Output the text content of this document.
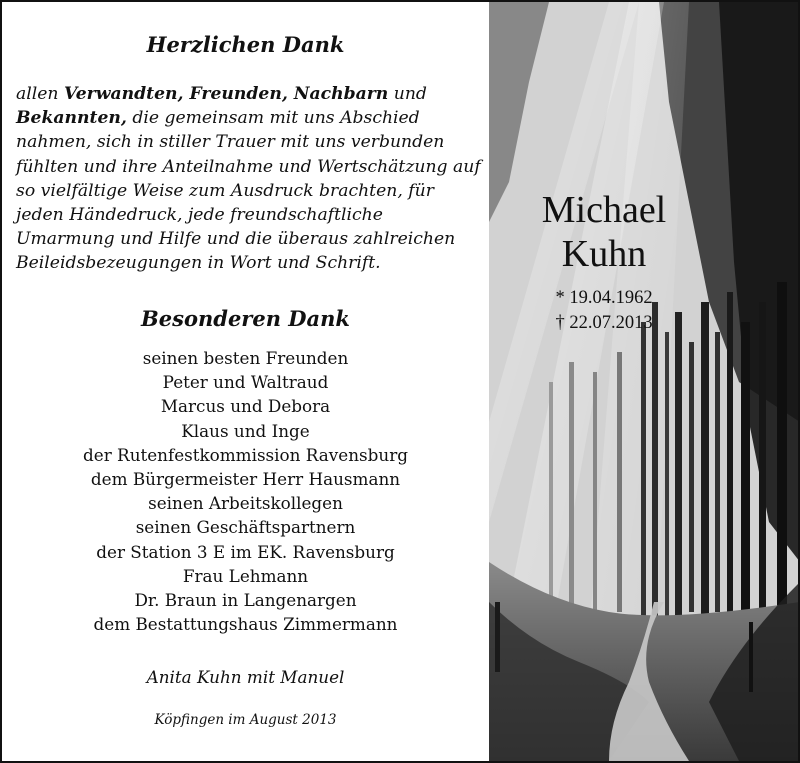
Herzlichen Dank

allen Verwandten, Freunden, Nachbarn und
Bekannten, die gemeinsam mit uns Abschied nahmen, sich in stiller Trauer mit uns verbunden fühlten und ihre Anteilnahme und Wertschätzung auf so vielfältige Weise zum Ausdruck brachten, für jeden Händedruck, jede freundschaftliche Umarmung und Hilfe und die überaus zahlreichen Beileidsbezeugungen in Wort und Schrift.

Besonderen Dank
seinen besten Freunden
Peter und Waltraud
Marcus und Debora
Klaus und Inge
der Rutenfestkommission Ravensburg
dem Bürgermeister Herr Hausmann
seinen Arbeitskollegen
seinen Geschäftspartnern
der Station 3 E im EK. Ravensburg
Frau Lehmann
Dr. Braun in Langenargen
dem Bestattungshaus Zimmermann
Anita Kuhn mit Manuel
Köpfingen im August 2013
Michael
Kuhn
* 19.04.1962
† 22.07.2013
